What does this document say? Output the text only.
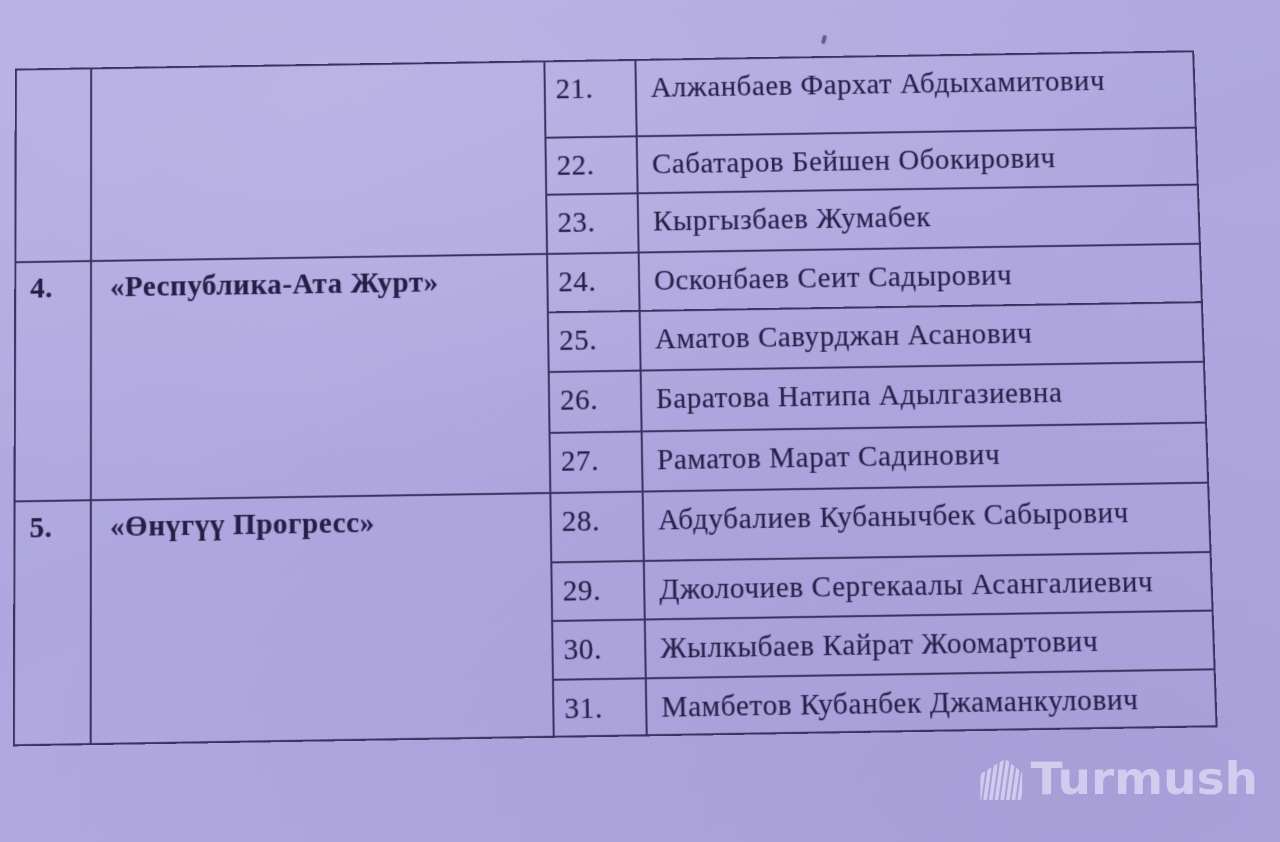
		21.	Алжанбаев Фархат Абдыхамитович
		22.	Сабатаров Бейшен Обокирович
		23.	Кыргызбаев Жумабек
4.	«Республика-Ата Журт»	24.	Осконбаев Сеит Садырович
		25.	Аматов Савурджан Асанович
		26.	Баратова Натипа Адылгазиевна
		27.	Раматов Марат Садинович
5.	«Өнүгүү Прогресс»	28.	Абдубалиев Кубанычбек Сабырович
		29.	Джолочиев Сергекаалы Асангалиевич
		30.	Жылкыбаев Кайрат Жоомартович
		31.	Мамбетов Кубанбек Джаманкулович
Turmush
